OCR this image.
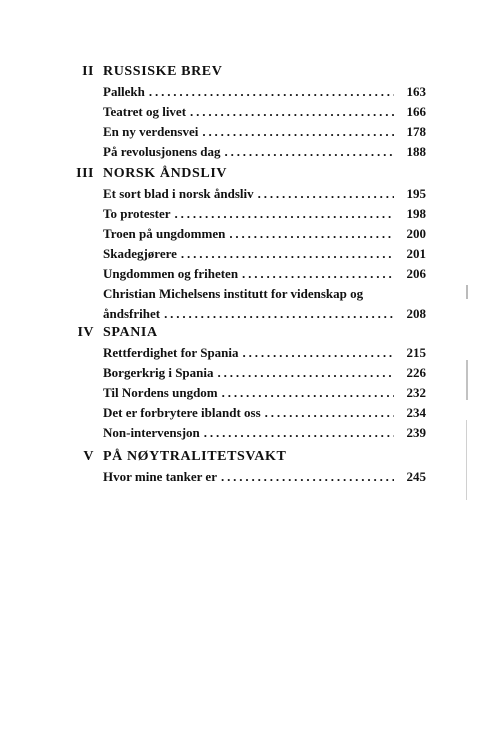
II RUSSISKE BREV
Pallekh . . .	163
Teatret og livet . . .	166
En ny verdensvei . . .	178
På revolusjonens dag . . .	188
III NORSK ÅNDSLIV
Et sort blad i norsk åndsliv . . .	195
To protester . . .	198
Troen på ungdommen . . .	200
Skadegjørere . . .	201
Ungdommen og friheten . . .	206
Christian Michelsens institutt for videnskap og
åndsfrihet . . .	208
IV SPANIA
Rettferdighet for Spania . . .	215
Borgerkrig i Spania . . .	226
Til Nordens ungdom . . .	232
Det er forbrytere iblandt oss . . .	234
Non-intervensjon . . .	239
V PÅ NØYTRALITETSVAKT
Hvor mine tanker er . . .	245
